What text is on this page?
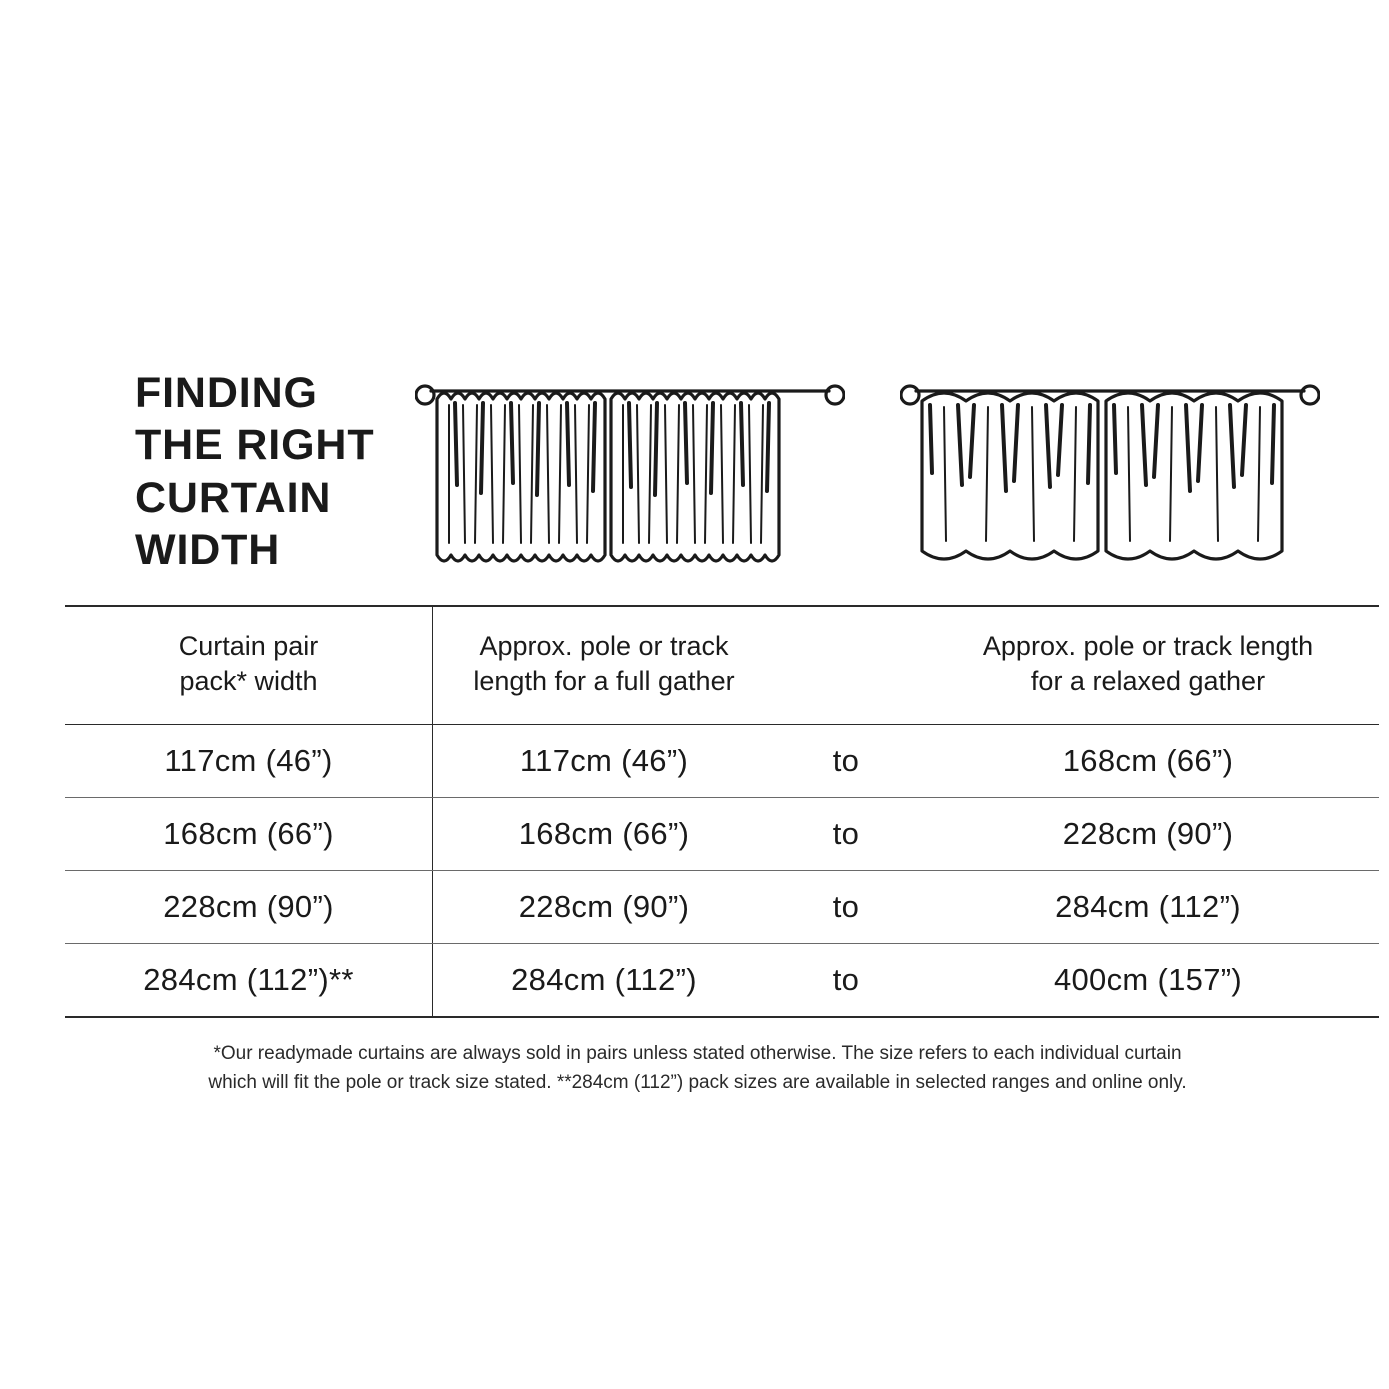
FINDING
THE RIGHT
CURTAIN
WIDTH
Curtain pair
pack* width

Approx. pole or track
length for a full gather

Approx. pole or track length
for a relaxed gather

117cm (46”)	117cm (46”)	to	168cm (66”)
168cm (66”)	168cm (66”)	to	228cm (90”)
228cm (90”)	228cm (90”)	to	284cm (112”)
284cm (112”)**	284cm (112”)	to	400cm (157”)

*Our readymade curtains are always sold in pairs unless stated otherwise. The size refers to each individual curtain

which will fit the pole or track size stated. **284cm (112”) pack sizes are available in selected ranges and online only.
